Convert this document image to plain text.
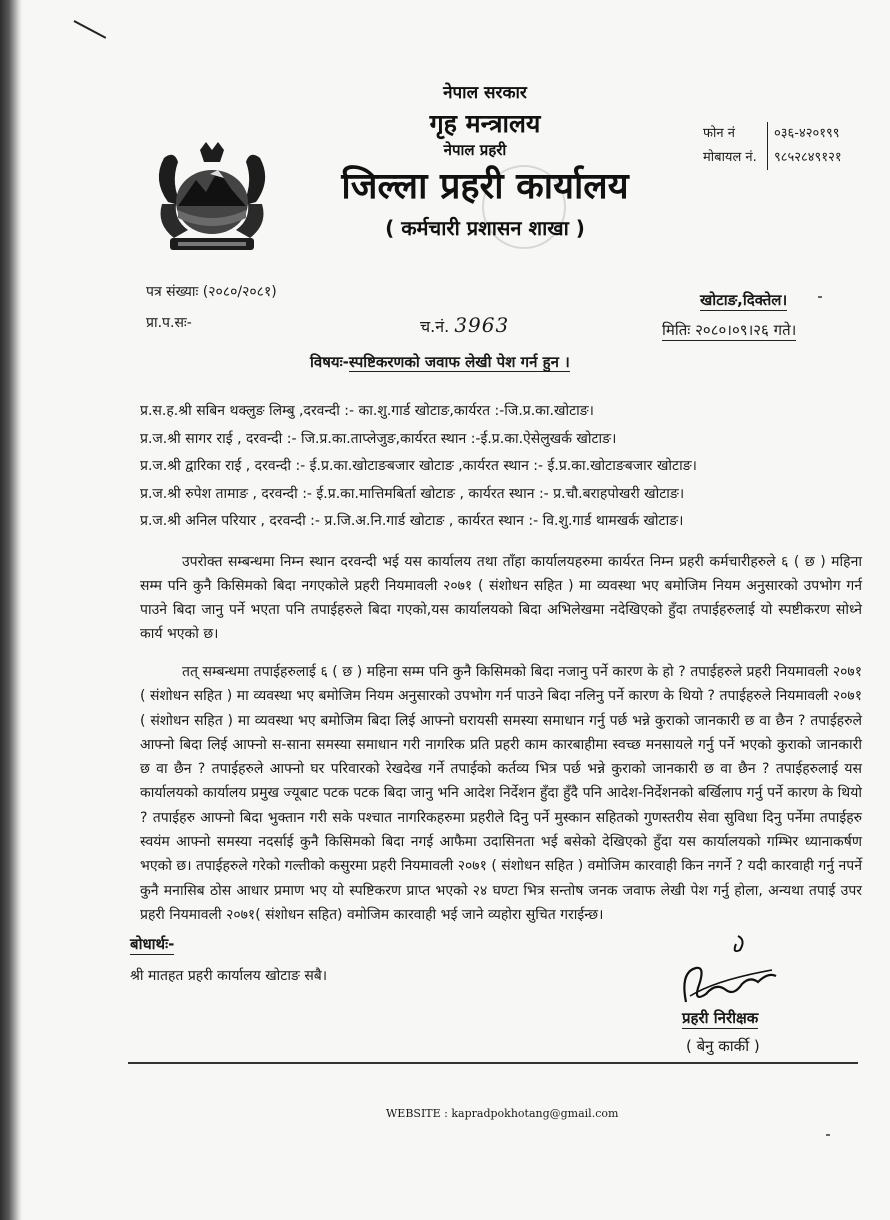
नेपाल सरकार
गृह मन्त्रालय
नेपाल प्रहरी
जिल्ला प्रहरी कार्यालय
( कर्मचारी प्रशासन शाखा )
फोन नं	०३६-४२०१९९
मोबायल नं.	९८५२८४९१२१
पत्र संख्याः (२०८०/२०८१)
प्रा.प.सः-	च.नं. 3963
खोटाङ,दिक्तेल।
मितिः २०८०।०९।२६ गते।
विषयः-स्पष्टिकरणको जवाफ लेखी पेश गर्न हुन ।
प्र.स.ह.श्री सबिन थक्लुङ लिम्बु ,दरवन्दी :- का.शु.गार्ड खोटाङ,कार्यरत :-जि.प्र.का.खोटाङ।
प्र.ज.श्री सागर राई , दरवन्दी :- जि.प्र.का.ताप्लेजुङ,कार्यरत स्थान :-ई.प्र.का.ऐसेलुखर्क खोटाङ।
प्र.ज.श्री द्वारिका राई , दरवन्दी :- ई.प्र.का.खोटाङबजार खोटाङ ,कार्यरत स्थान :- ई.प्र.का.खोटाङबजार खोटाङ।
प्र.ज.श्री रुपेश तामाङ , दरवन्दी :- ई.प्र.का.मात्तिमबिर्ता खोटाङ , कार्यरत स्थान :- प्र.चौ.बराहपोखरी खोटाङ।
प्र.ज.श्री अनिल परियार , दरवन्दी :- प्र.जि.अ.नि.गार्ड खोटाङ , कार्यरत स्थान :- वि.शु.गार्ड थामखर्क खोटाङ।

उपरोक्त सम्बन्धमा निम्न स्थान दरवन्दी भई यस कार्यालय तथा ताँहा कार्यालयहरुमा कार्यरत निम्न प्रहरी कर्मचारीहरुले ६ ( छ ) महिना सम्म पनि कुनै किसिमको बिदा नगएकोले प्रहरी नियमावली २०७१ ( संशोधन सहित ) मा व्यवस्था भए बमोजिम नियम अनुसारको उपभोग गर्न पाउने बिदा जानु पर्ने भएता पनि तपाईहरुले बिदा गएको,यस कार्यालयको बिदा अभिलेखमा नदेखिएको हुँदा तपाईहरुलाई यो स्पष्टीकरण सोध्ने कार्य भएको छ।

तत् सम्बन्धमा तपाईहरुलाई ६ ( छ ) महिना सम्म पनि कुनै किसिमको बिदा नजानु पर्ने कारण के हो ? तपाईहरुले प्रहरी नियमावली २०७१ ( संशोधन सहित ) मा व्यवस्था भए बमोजिम नियम अनुसारको उपभोग गर्न पाउने बिदा नलिनु पर्ने कारण के थियो ? तपाईहरुले नियमावली २०७१ ( संशोधन सहित ) मा व्यवस्था भए बमोजिम बिदा लिई आफ्नो घरायसी समस्या समाधान गर्नु पर्छ भन्ने कुराको जानकारी छ वा छैन ? तपाईहरुले आफ्नो बिदा लिई आफ्नो स-साना समस्या समाधान गरी नागरिक प्रति प्रहरी काम कारबाहीमा स्वच्छ मनसायले गर्नु पर्ने भएको कुराको जानकारी छ वा छैन ? तपाईहरुले आफ्नो घर परिवारको रेखदेख गर्ने तपाईको कर्तव्य भित्र पर्छ भन्ने कुराको जानकारी छ वा छैन ? तपाईहरुलाई यस कार्यालयको कार्यालय प्रमुख ज्यूबाट पटक पटक बिदा जानु भनि आदेश निर्देशन हुँदा हुँदै पनि आदेश-निर्देशनको बर्खिलाप गर्नु पर्ने कारण के थियो ? तपाईहरु आफ्नो बिदा भुक्तान गरी सके पश्चात नागरिकहरुमा प्रहरीले दिनु पर्ने मुस्कान सहितको गुणस्तरीय सेवा सुविधा दिनु पर्नेमा तपाईहरु स्वयंम आफ्नो समस्या नदर्साई कुनै किसिमको बिदा नगई आफैमा उदासिनता भई बसेको देखिएको हुँदा यस कार्यालयको गम्भिर ध्यानाकर्षण भएको छ। तपाईहरुले गरेको गल्तीको कसुरमा प्रहरी नियमावली २०७१ ( संशोधन सहित ) वमोजिम कारवाही किन नगर्ने ? यदी कारवाही गर्नु नपर्ने कुनै मनासिब ठोस आधार प्रमाण भए यो स्पष्टिकरण प्राप्त भएको २४ घण्टा भित्र सन्तोष जनक जवाफ लेखी पेश गर्नु होला, अन्यथा तपाई उपर प्रहरी नियमावली २०७१( संशोधन सहित) वमोजिम कारवाही भई जाने व्यहोरा सुचित गराईन्छ।

बोधार्थः-
श्री मातहत प्रहरी कार्यालय खोटाङ सबै।
प्रहरी निरीक्षक
( बेनु कार्की )
WEBSITE : kapradpokhotang@gmail.com
